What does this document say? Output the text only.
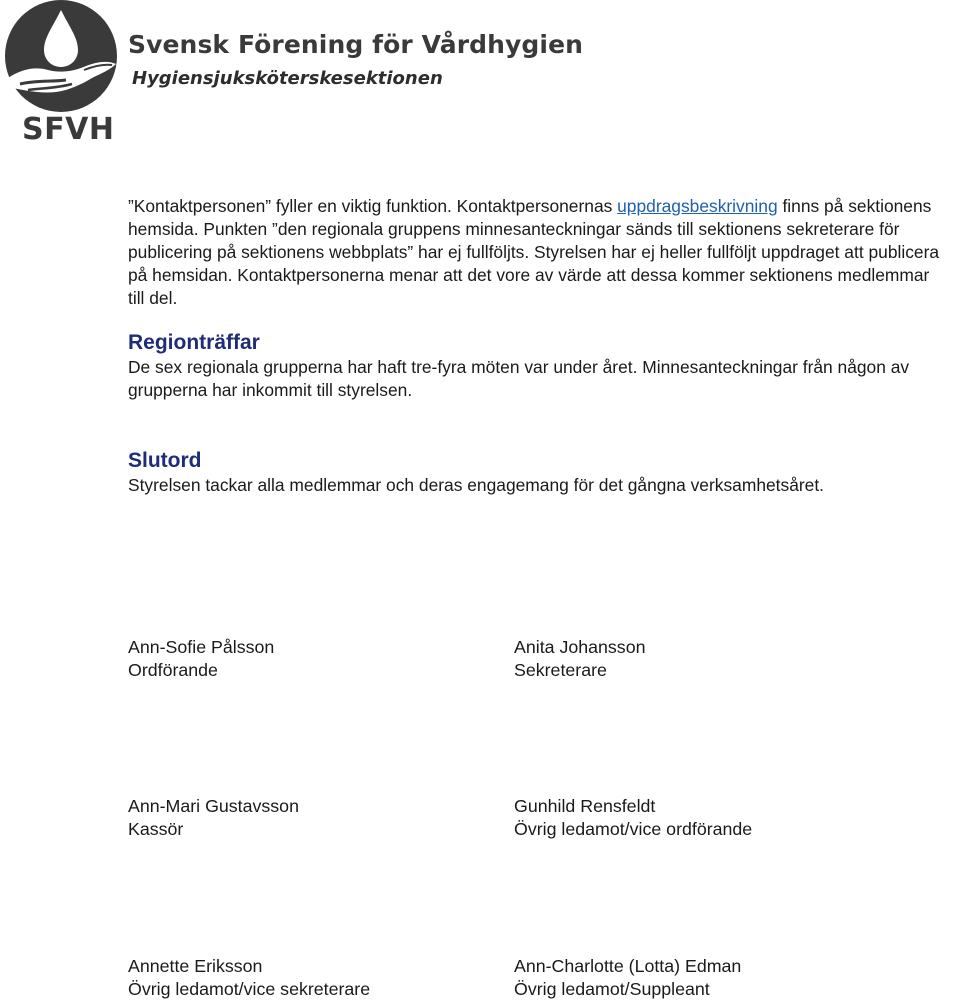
Svensk Förening för Vårdhygien
Hygiensjuksköterskesektionen
SFVH

”Kontaktpersonen” fyller en viktig funktion. Kontaktpersonernas uppdragsbeskrivning finns på sektionens hemsida. Punkten ”den regionala gruppens minnesanteckningar sänds till sektionens sekreterare för publicering på sektionens webbplats” har ej fullföljts. Styrelsen har ej heller fullföljt uppdraget att publicera på hemsidan. Kontaktpersonerna menar att det vore av värde att dessa kommer sektionens medlemmar till del.

Regionträffar

De sex regionala grupperna har haft tre-fyra möten var under året. Minnesanteckningar från någon av grupperna har inkommit till styrelsen.

Slutord

Styrelsen tackar alla medlemmar och deras engagemang för det gångna verksamhetsåret.

Ann-Sofie Pålsson
Ordförande
Anita Johansson
Sekreterare
Ann-Mari Gustavsson
Kassör
Gunhild Rensfeldt
Övrig ledamot/vice ordförande
Annette Eriksson
Övrig ledamot/vice sekreterare
Ann-Charlotte (Lotta) Edman
Övrig ledamot/Suppleant
